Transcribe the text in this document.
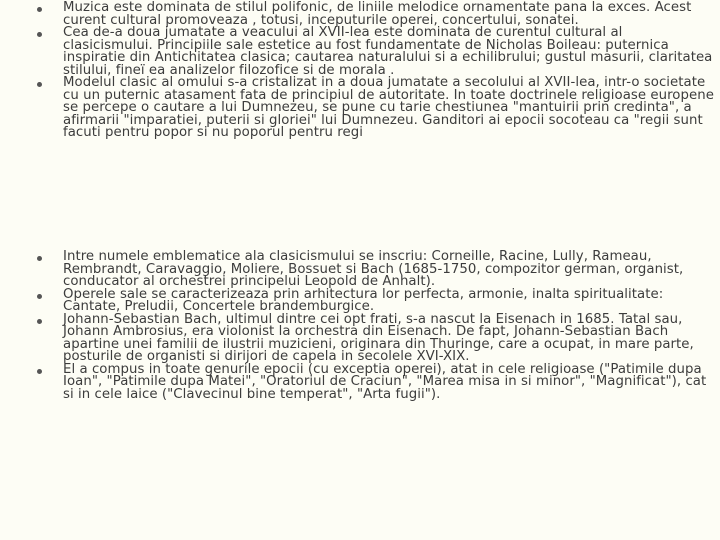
Muzica este dominata de stilul polifonic, de liniile melodice ornamentate pana la exces. Acest curent cultural promoveaza , totusi, inceputurile operei, concertului, sonatei.
Cea de-a doua jumatate a veacului al XVII-lea este dominata de curentul cultural al clasicismului. Principiile sale estetice au fost fundamentate de Nicholas Boileau: puternica inspiratie din Antichitatea clasica; cautarea naturalului si a echilibrului; gustul masurii, claritatea stilului, fineї ea analizelor filozofice si de morala .
Modelul clasic al omului s-a cristalizat in a doua jumatate a secolului al XVII-lea, intr-o societate cu un puternic atasament fata de principiul de autoritate. In toate doctrinele religioase europene se percepe o cautare a lui Dumnezeu, se pune cu tarie chestiunea "mantuirii prin credinta", a afirmarii "imparatiei, puterii si gloriei" lui Dumnezeu. Ganditori ai epocii socoteau ca "regii sunt facuti pentru popor si nu poporul pentru regi
Intre numele emblematice ala clasicismului se inscriu: Corneille, Racine, Lully, Rameau, Rembrandt, Caravaggio, Moliere, Bossuet si Bach (1685-1750, compozitor german, organist, conducator al orchestrei principelui Leopold de Anhalt).
Operele sale se caracterizeaza prin arhitectura lor perfecta, armonie, inalta spiritualitate: Cantate, Preludii, Concertele brandemburgice.
Johann-Sebastian Bach, ultimul dintre cei opt frati, s-a nascut la Eisenach in 1685. Tatal sau, Johann Ambrosius, era violonist la orchestra din Eisenach. De fapt, Johann-Sebastian Bach apartine unei familii de ilustrii muzicieni, originara din Thuringe, care a ocupat, in mare parte, posturile de organisti si dirijori de capela in secolele XVI-XIX.
El a compus in toate genurile epocii (cu exceptia operei), atat in cele religioase ("Patimile dupa Ioan", "Patimile dupa Matei", "Oratoriul de Craciun", "Marea misa in si minor", "Magnificat"), cat si in cele laice ("Clavecinul bine temperat", "Arta fugii").
